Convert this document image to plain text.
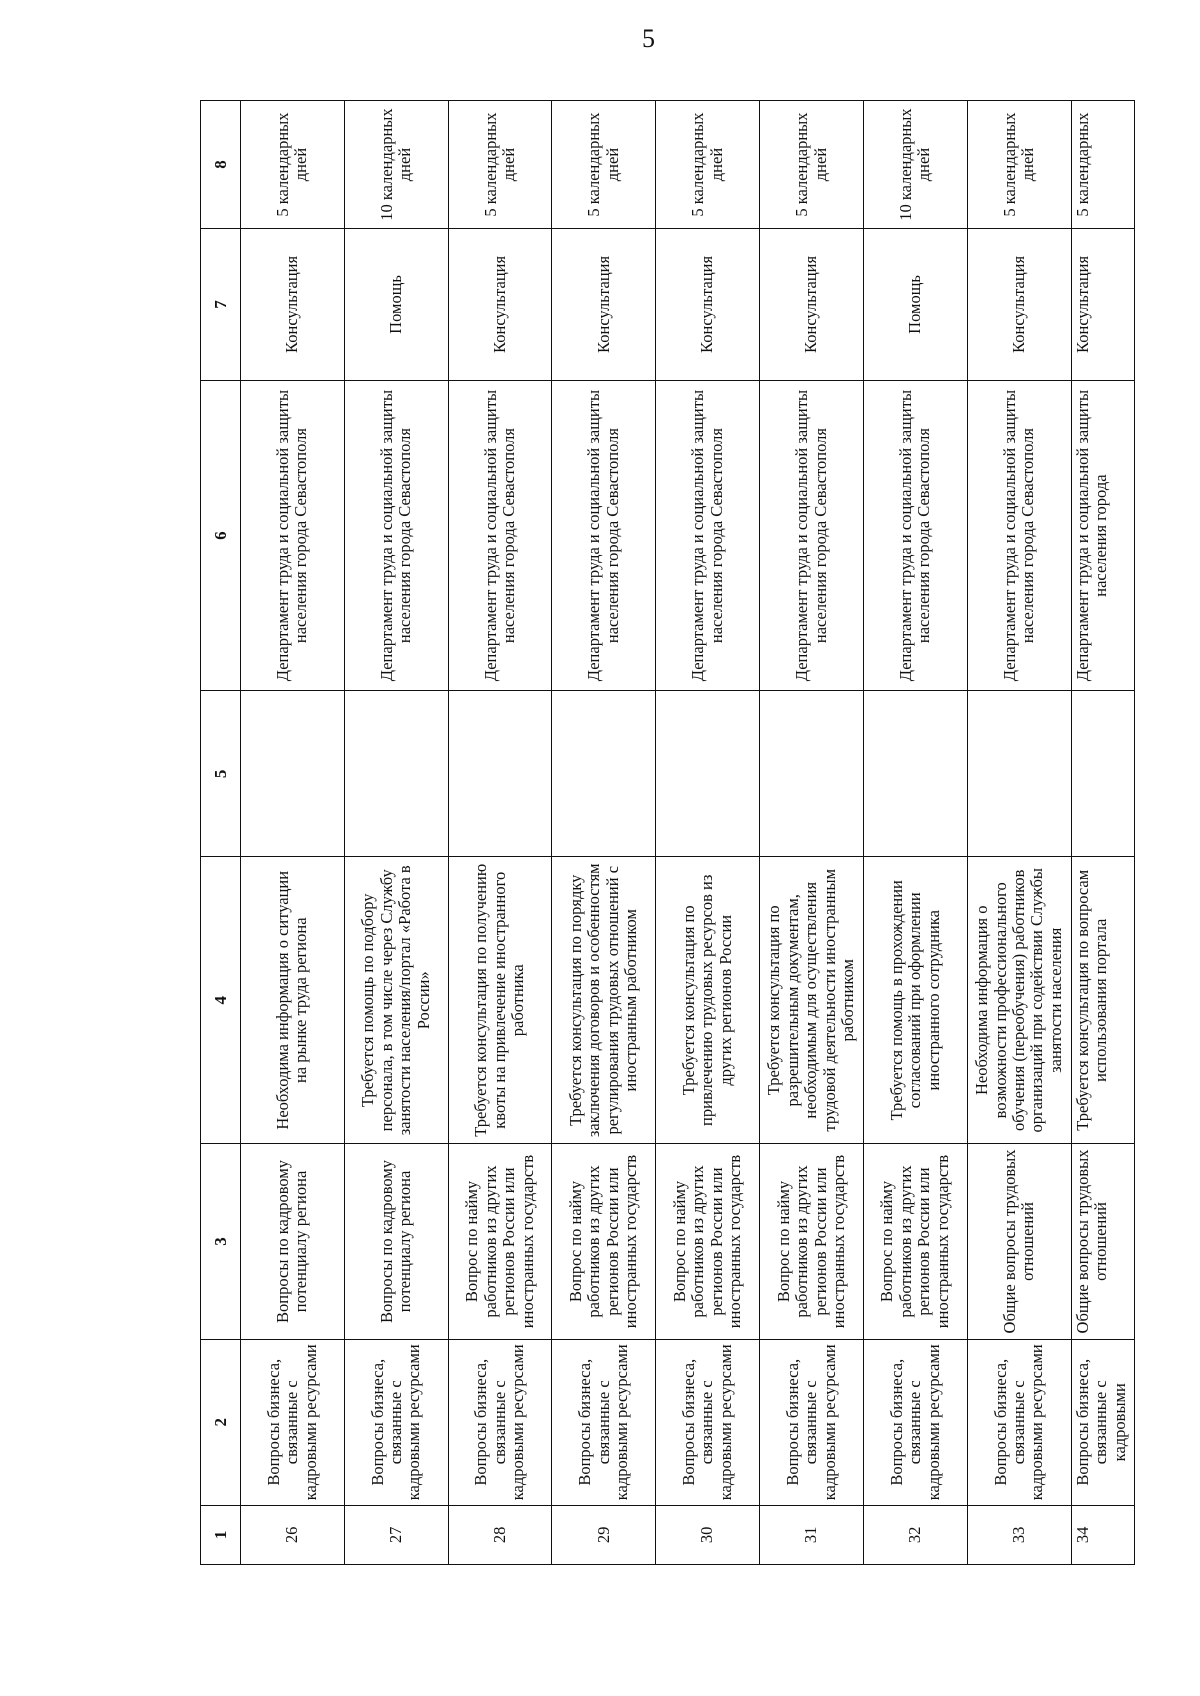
5
1	2	3	4	5	6	7	8
26	Вопросы бизнеса, связанные с кадровыми ресурсами	Вопросы по кадровому потенциалу региона	Необходима информация о ситуации на рынке труда региона		Департамент труда и социальной защиты населения города Севастополя	Консультация	5 календарных дней
27	Вопросы бизнеса, связанные с кадровыми ресурсами	Вопросы по кадровому потенциалу региона	Требуется помощь по подбору персонала, в том числе через Службу занятости населения/портал «Работа в России»		Департамент труда и социальной защиты населения города Севастополя	Помощь	10 календарных дней
28	Вопросы бизнеса, связанные с кадровыми ресурсами	Вопрос по найму работников из других регионов России или иностранных государств	Требуется консультация по получению квоты на привлечение иностранного работника		Департамент труда и социальной защиты населения города Севастополя	Консультация	5 календарных дней
29	Вопросы бизнеса, связанные с кадровыми ресурсами	Вопрос по найму работников из других регионов России или иностранных государств	Требуется консультация по порядку заключения договоров и особенностям регулирования трудовых отношений с иностранным работником		Департамент труда и социальной защиты населения города Севастополя	Консультация	5 календарных дней
30	Вопросы бизнеса, связанные с кадровыми ресурсами	Вопрос по найму работников из других регионов России или иностранных государств	Требуется консультация по привлечению трудовых ресурсов из других регионов России		Департамент труда и социальной защиты населения города Севастополя	Консультация	5 календарных дней
31	Вопросы бизнеса, связанные с кадровыми ресурсами	Вопрос по найму работников из других регионов России или иностранных государств	Требуется консультация по разрешительным документам, необходимым для осуществления трудовой деятельности иностранным работником		Департамент труда и социальной защиты населения города Севастополя	Консультация	5 календарных дней
32	Вопросы бизнеса, связанные с кадровыми ресурсами	Вопрос по найму работников из других регионов России или иностранных государств	Требуется помощь в прохождении согласований при оформлении иностранного сотрудника		Департамент труда и социальной защиты населения города Севастополя	Помощь	10 календарных дней
33	Вопросы бизнеса, связанные с кадровыми ресурсами	Общие вопросы трудовых отношений	Необходима информация о возможности профессионального обучения (переобучения) работников организаций при содействии Службы занятости населения		Департамент труда и социальной защиты населения города Севастополя	Консультация	5 календарных дней
34	Вопросы бизнеса, связанные с кадровыми	Общие вопросы трудовых отношений	Требуется консультация по вопросам использования портала		Департамент труда и социальной защиты населения города	Консультация	5 календарных
